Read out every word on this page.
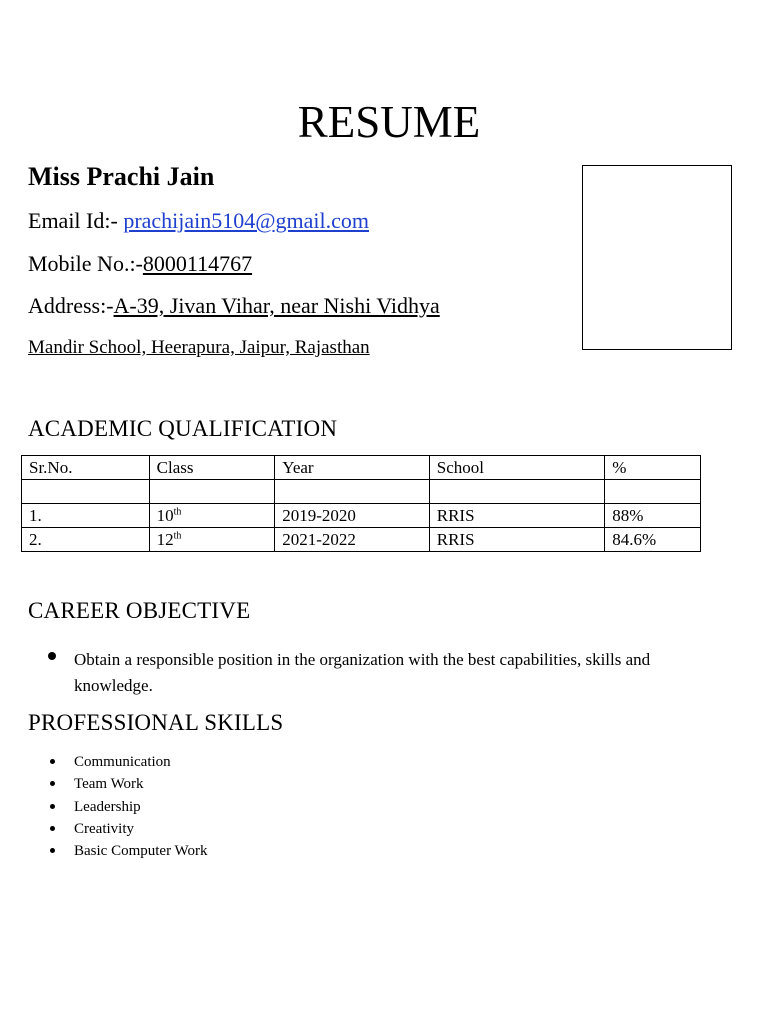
RESUME
Miss Prachi Jain
Email Id:- prachijain5104@gmail.com
Mobile No.:-8000114767
Address:-A-39, Jivan Vihar, near Nishi Vidhya
Mandir School, Heerapura, Jaipur, Rajasthan
ACADEMIC QUALIFICATION
Sr.No.	Class	Year	School	%

1.	10th	2019-2020	RRIS	88%
2.	12th	2021-2022	RRIS	84.6%
CAREER OBJECTIVE
Obtain a responsible position in the organization with the best capabilities, skills and knowledge.
PROFESSIONAL SKILLS
Communication
Team Work
Leadership
Creativity
Basic Computer Work
